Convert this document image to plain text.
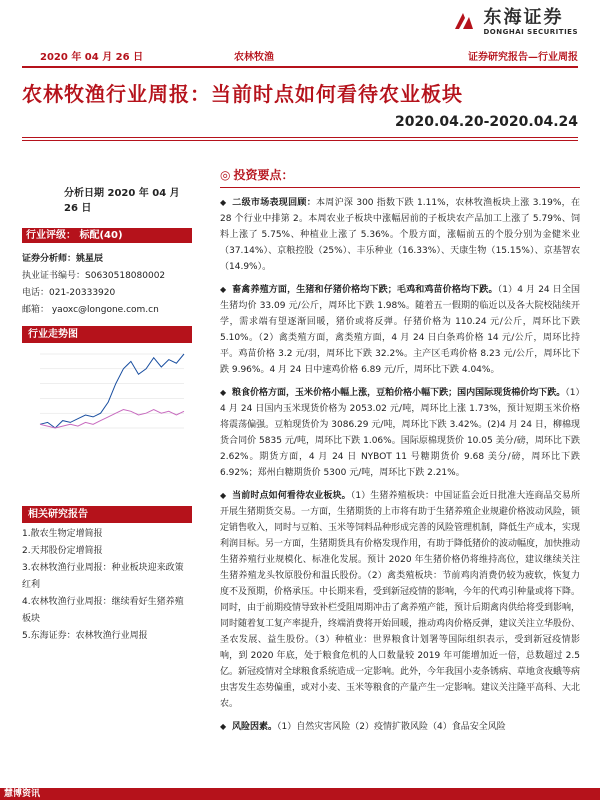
东海证券
DONGHAI SECURITIES
2020 年 04 月 26 日	农林牧渔	证券研究报告—行业周报
农林牧渔行业周报：当前时点如何看待农业板块
2020.04.20-2020.04.24
分析日期 2020 年 04 月 26 日
行业评级： 标配(40)
证券分析师：姚星辰
执业证书编号：S0630518080002
电话：021-20333920
邮箱： yaoxc@longone.com.cn
行业走势图
相关研究报告
1.散农生物定增简报
2.天邦股份定增简报
3.农林牧渔行业周报：种业板块迎来政策
红利
4.农林牧渔行业周报：继续看好生猪养殖
板块
5.东海证券：农林牧渔行业周报
◎ 投资要点：
◆ 二级市场表现回顾：本周沪深 300 指数下跌 1.11%，农林牧渔板块上涨 3.19%，在 28 个行业中排第 2。本周农业子板块中涨幅居前的子板块农产品加工上涨了 5.79%、饲料上涨了 5.75%、种植业上涨了 5.36%。个股方面，涨幅前五的个股分别为金健米业（37.14%）、京粮控股（25%）、丰乐种业（16.33%）、天康生物（15.15%）、京基智农（14.9%）。
◆ 畜禽养殖方面，生猪和仔猪价格均下跌；毛鸡和鸡苗价格均下跌。（1）4 月 24 日全国生猪均价 33.09 元/公斤，周环比下跌 1.98%。随着五一假期的临近以及各大院校陆续开学，需求端有望逐渐回暖，猪价或将反弹。仔猪价格为 110.24 元/公斤，周环比下跌 5.10%。（2）禽类殖方面，禽类殖方面，4 月 24 日白条鸡价格 14 元/公斤，周环比持平。鸡苗价格 3.2 元/羽，周环比下跌 32.2%。主产区毛鸡价格 8.23 元/公斤，周环比下跌 9.96%。4 月 24 日中速鸡价格 6.89 元/斤，周环比下跌 4.04%。
◆ 粮食价格方面，玉米价格小幅上涨，豆粕价格小幅下跌；国内国际现货棉价均下跌。（1）4 月 24 日国内玉米现货价格为 2053.02 元/吨，周环比上涨 1.73%，预计短期玉米价格将震荡偏强。豆粕现货价为 3086.29 元/吨，周环比下跌 3.42%。(2)4 月 24 日，柳棉现货合同价 5835 元/吨，周环比下跌 1.06%。国际原棉现货价 10.05 美分/磅，周环比下跌 2.62%。期货方面，4 月 24 日 NYBOT 11 号糖期货价 9.68 美分/磅，周环比下跌 6.92%；郑州白糖期货价 5300 元/吨，周环比下跌 2.21%。
◆ 当前时点如何看待农业板块。（1）生猪养殖板块：中国证监会近日批准大连商品交易所开展生猪期货交易。一方面，生猪期货的上市将有助于生猪养殖企业规避价格波动风险，锁定销售收入，同时与豆粕、玉米等饲料品种形成完善的风险管理机制，降低生产成本，实现利润目标。另一方面，生猪期货具有价格发现作用，有助于降低猪价的波动幅度，加快推动生猪养殖行业规模化、标准化发展。预计 2020 年生猪价格仍将维持高位，建议继续关注生猪养殖龙头牧原股份和温氏股份。（2）禽类殖板块：节前鸡肉消费仍较为疲软，恢复力度不及预期，价格承压。中长期来看，受到新冠疫情的影响，今年的代鸡引种量或将下降。同时，由于前期疫情导致补栏受阻周期冲击了禽养殖产能，预计后期禽肉供给将受到影响，同时随着复工复产率提升，终端消费将开始回暖，推动鸡肉价格反弹，建议关注立华股份、圣农发展、益生股份。（3）种植业：世界粮食计划署等国际组织表示，受到新冠疫情影响，到 2020 年底，处于粮食危机的人口数量较 2019 年可能增加近一倍，总数超过 2.5 亿。新冠疫情对全球粮食系统造成一定影响。此外，今年我国小麦条锈病、草地贪夜蛾等病虫害发生态势偏重，或对小麦、玉米等粮食的产量产生一定影响。建议关注隆平高科、大北农。
◆ 风险因素。（1）自然灾害风险（2）疫情扩散风险（4）食品安全风险
慧博资讯
